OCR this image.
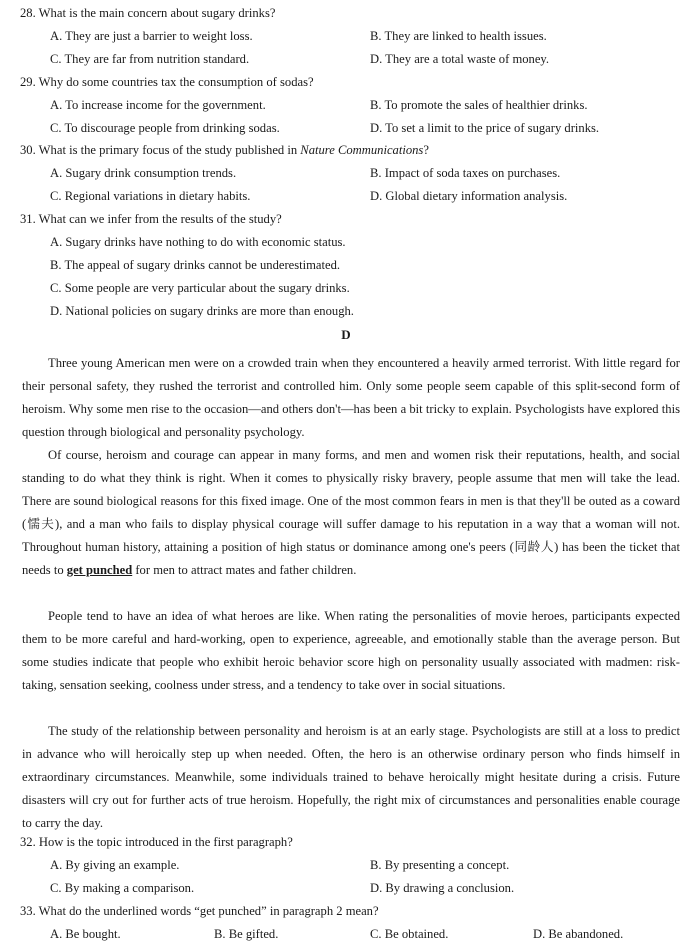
28. What is the main concern about sugary drinks?
A. They are just a barrier to weight loss.	B. They are linked to health issues.
C. They are far from nutrition standard.	D. They are a total waste of money.
29. Why do some countries tax the consumption of sodas?
A. To increase income for the government.	B. To promote the sales of healthier drinks.
C. To discourage people from drinking sodas.	D. To set a limit to the price of sugary drinks.
30. What is the primary focus of the study published in Nature Communications?
A. Sugary drink consumption trends.	B. Impact of soda taxes on purchases.
C. Regional variations in dietary habits.	D. Global dietary information analysis.
31. What can we infer from the results of the study?
A. Sugary drinks have nothing to do with economic status.
B. The appeal of sugary drinks cannot be underestimated.
C. Some people are very particular about the sugary drinks.
D. National policies on sugary drinks are more than enough.
D

Three young American men were on a crowded train when they encountered a heavily armed terrorist. With little regard for their personal safety, they rushed the terrorist and controlled him. Only some people seem capable of this split-second form of heroism. Why some men rise to the occasion—and others don't—has been a bit tricky to explain. Psychologists have explored this question through biological and personality psychology.

Of course, heroism and courage can appear in many forms, and men and women risk their reputations, health, and social standing to do what they think is right. When it comes to physically risky bravery, people assume that men will take the lead. There are sound biological reasons for this fixed image. One of the most common fears in men is that they'll be outed as a coward (懦夫), and a man who fails to display physical courage will suffer damage to his reputation in a way that a woman will not. Throughout human history, attaining a position of high status or dominance among one's peers (同龄人) has been the ticket that needs to get punched for men to attract mates and father children.

People tend to have an idea of what heroes are like. When rating the personalities of movie heroes, participants expected them to be more careful and hard-working, open to experience, agreeable, and emotionally stable than the average person. But some studies indicate that people who exhibit heroic behavior score high on personality usually associated with madmen: risk-taking, sensation seeking, coolness under stress, and a tendency to take over in social situations.

The study of the relationship between personality and heroism is at an early stage. Psychologists are still at a loss to predict in advance who will heroically step up when needed. Often, the hero is an otherwise ordinary person who finds himself in extraordinary circumstances. Meanwhile, some individuals trained to behave heroically might hesitate during a crisis. Future disasters will cry out for further acts of true heroism. Hopefully, the right mix of circumstances and personalities enable courage to carry the day.

32. How is the topic introduced in the first paragraph?
A. By giving an example.	B. By presenting a concept.
C. By making a comparison.	D. By drawing a conclusion.
33. What do the underlined words “get punched” in paragraph 2 mean?
A. Be bought.	B. Be gifted.	C. Be obtained.	D. Be abandoned.
